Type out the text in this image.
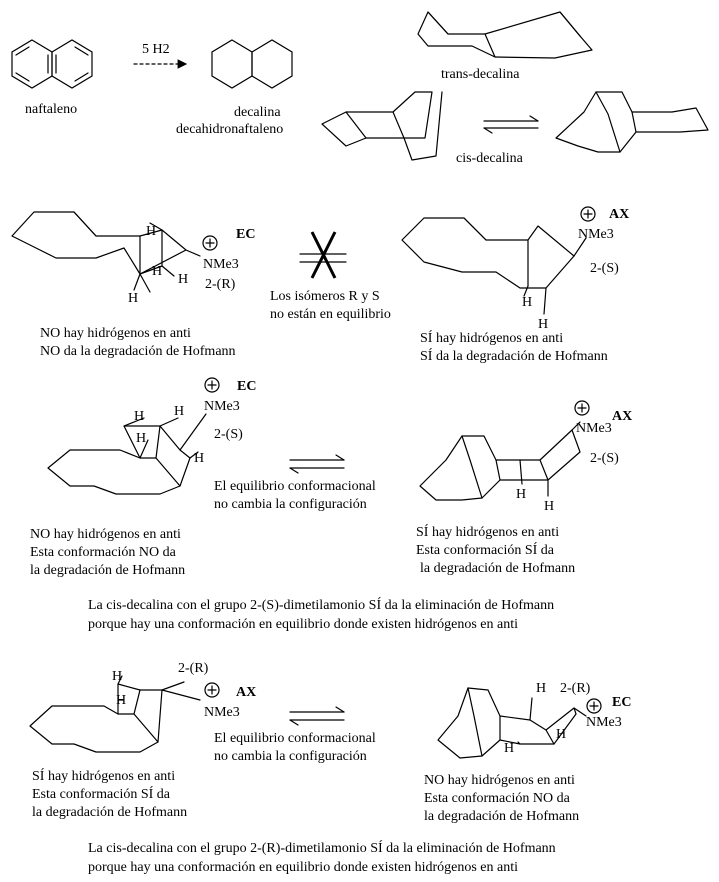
naftaleno
5 H2
decalina
decahidronaftaleno
trans-decalina
cis-decalina
H
H
H
H
EC
NMe3
2-(R)
NO hay hidrógenos en anti
NO da la degradación de Hofmann
Los isómeros R y S
no están en equilibrio
H
H
AX
NMe3
2-(S)
SÍ hay hidrógenos en anti
SÍ da la degradación de Hofmann
H H
H
H
EC
NMe3
2-(S)
NO hay hidrógenos en anti
Esta conformación NO da
la degradación de Hofmann
El equilibrio conformacional
no cambia la configuración
H
H
AX
NMe3
2-(S)
SÍ hay hidrógenos en anti
Esta conformación SÍ da
la degradación de Hofmann
La cis-decalina con el grupo 2-(S)-dimetilamonio SÍ da la eliminación de Hofmann
porque hay una conformación en equilibrio donde existen hidrógenos en anti
H
H
AX
2-(R)
NMe3
SÍ hay hidrógenos en anti
Esta conformación SÍ da
la degradación de Hofmann
El equilibrio conformacional
no cambia la configuración
H
H
H
EC
2-(R)
NMe3
NO hay hidrógenos en anti
Esta conformación NO da
la degradación de Hofmann
La cis-decalina con el grupo 2-(R)-dimetilamonio SÍ da la eliminación de Hofmann
porque hay una conformación en equilibrio donde existen hidrógenos en anti
